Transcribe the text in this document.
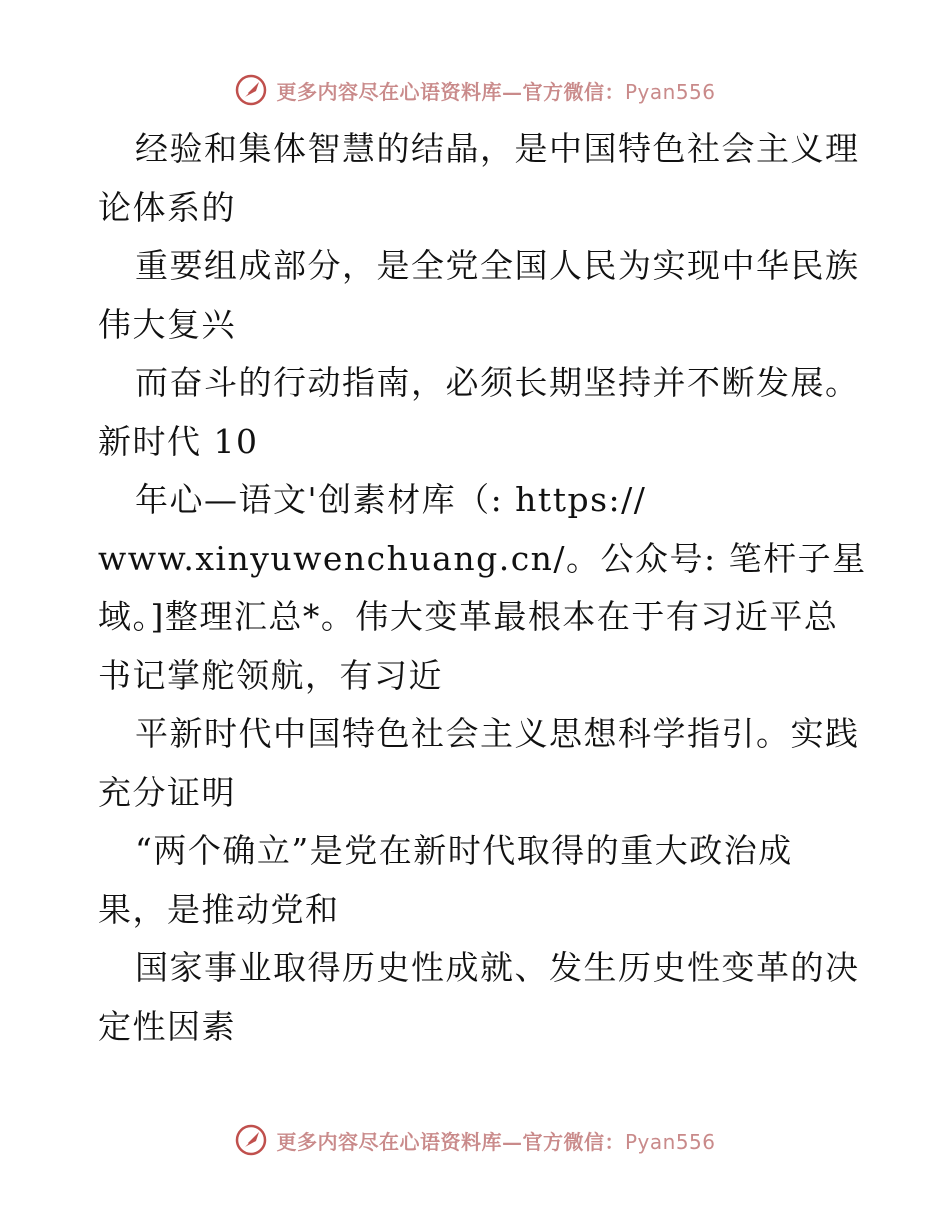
更多内容尽在心语资料库—官方微信：Pyan556
经验和集体智慧的结晶，是中国特色社会主义理
论体系的
重要组成部分，是全党全国人民为实现中华民族
伟大复兴
而奋斗的行动指南，必须长期坚持并不断发展。
新时代 10
年心—语文'创素材库（: https://
www.xinyuwenchuang.cn/。公众号: 笔杆子星
域。]整理汇总*。伟大变革最根本在于有习近平总
书记掌舵领航，有习近
平新时代中国特色社会主义思想科学指引。实践
充分证明
“两个确立”是党在新时代取得的重大政治成
果，是推动党和
国家事业取得历史性成就、发生历史性变革的决
定性因素
更多内容尽在心语资料库—官方微信：Pyan556
